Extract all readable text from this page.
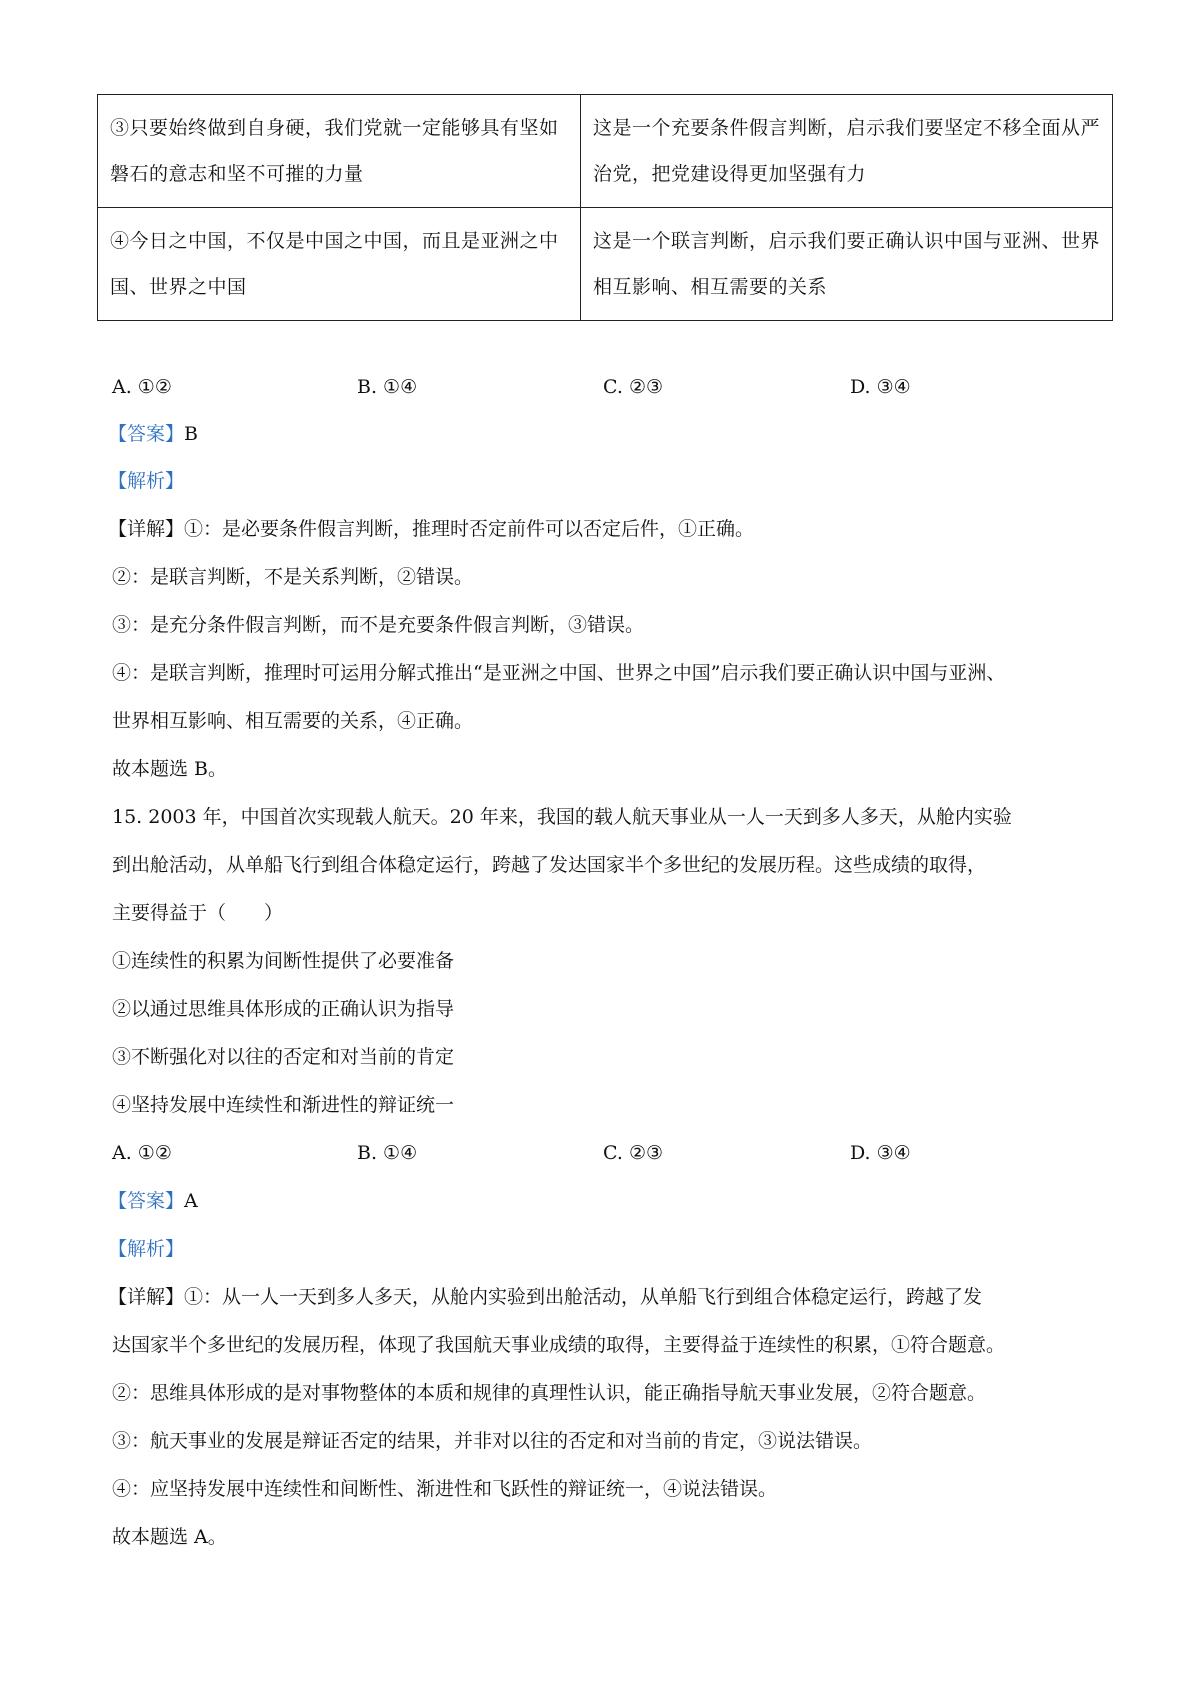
③只要始终做到自身硬，我们党就一定能够具有坚如磐石的意志和坚不可摧的力量	这是一个充要条件假言判断，启示我们要坚定不移全面从严治党，把党建设得更加坚强有力
④今日之中国，不仅是中国之中国，而且是亚洲之中国、世界之中国	这是一个联言判断，启示我们要正确认识中国与亚洲、世界相互影响、相互需要的关系
A. ①②	B. ①④	C. ②③	D. ③④
【答案】B
【解析】
【详解】①：是必要条件假言判断，推理时否定前件可以否定后件，①正确。
②：是联言判断，不是关系判断，②错误。
③：是充分条件假言判断，而不是充要条件假言判断，③错误。
④：是联言判断，推理时可运用分解式推出“是亚洲之中国、世界之中国”启示我们要正确认识中国与亚洲、
世界相互影响、相互需要的关系，④正确。
故本题选 B。
15. 2003 年，中国首次实现载人航天。20 年来，我国的载人航天事业从一人一天到多人多天，从舱内实验
到出舱活动，从单船飞行到组合体稳定运行，跨越了发达国家半个多世纪的发展历程。这些成绩的取得，
主要得益于（　　）
①连续性的积累为间断性提供了必要准备
②以通过思维具体形成的正确认识为指导
③不断强化对以往的否定和对当前的肯定
④坚持发展中连续性和渐进性的辩证统一
A. ①②	B. ①④	C. ②③	D. ③④
【答案】A
【解析】
【详解】①：从一人一天到多人多天，从舱内实验到出舱活动，从单船飞行到组合体稳定运行，跨越了发
达国家半个多世纪的发展历程，体现了我国航天事业成绩的取得，主要得益于连续性的积累，①符合题意。
②：思维具体形成的是对事物整体的本质和规律的真理性认识，能正确指导航天事业发展，②符合题意。
③：航天事业的发展是辩证否定的结果，并非对以往的否定和对当前的肯定，③说法错误。
④：应坚持发展中连续性和间断性、渐进性和飞跃性的辩证统一，④说法错误。
故本题选 A。
